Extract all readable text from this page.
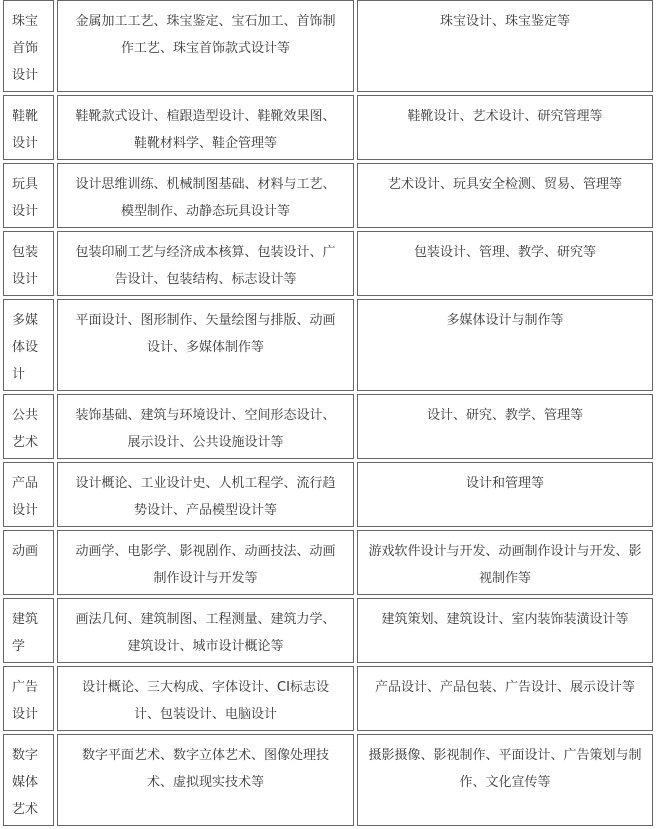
珠宝首饰设计	金属加工工艺、珠宝鉴定、宝石加工、首饰制作工艺、珠宝首饰款式设计等	珠宝设计、珠宝鉴定等
鞋靴设计	鞋靴款式设计、楦跟造型设计、鞋靴效果图、鞋靴材料学、鞋企管理等	鞋靴设计、艺术设计、研究管理等
玩具设计	设计思维训练、机械制图基础、材料与工艺、模型制作、动静态玩具设计等	艺术设计、玩具安全检测、贸易、管理等
包装设计	包装印刷工艺与经济成本核算、包装设计、广告设计、包装结构、标志设计等	包装设计、管理、教学、研究等
多媒体设计	平面设计、图形制作、矢量绘图与排版、动画设计、多媒体制作等	多媒体设计与制作等
公共艺术	装饰基础、建筑与环境设计、空间形态设计、展示设计、公共设施设计等	设计、研究、教学、管理等
产品设计	设计概论、工业设计史、人机工程学、流行趋势设计、产品模型设计等	设计和管理等
动画	动画学、电影学、影视剧作、动画技法、动画制作设计与开发等	游戏软件设计与开发、动画制作设计与开发、影视制作等
建筑学	画法几何、建筑制图、工程测量、建筑力学、建筑设计、城市设计概论等	建筑策划、建筑设计、室内装饰装潢设计等
广告设计	设计概论、三大构成、字体设计、CI标志设计、包装设计、电脑设计	产品设计、产品包装、广告设计、展示设计等
数字媒体艺术	数字平面艺术、数字立体艺术、图像处理技术、虚拟现实技术等	摄影摄像、影视制作、平面设计、广告策划与制作、文化宣传等
